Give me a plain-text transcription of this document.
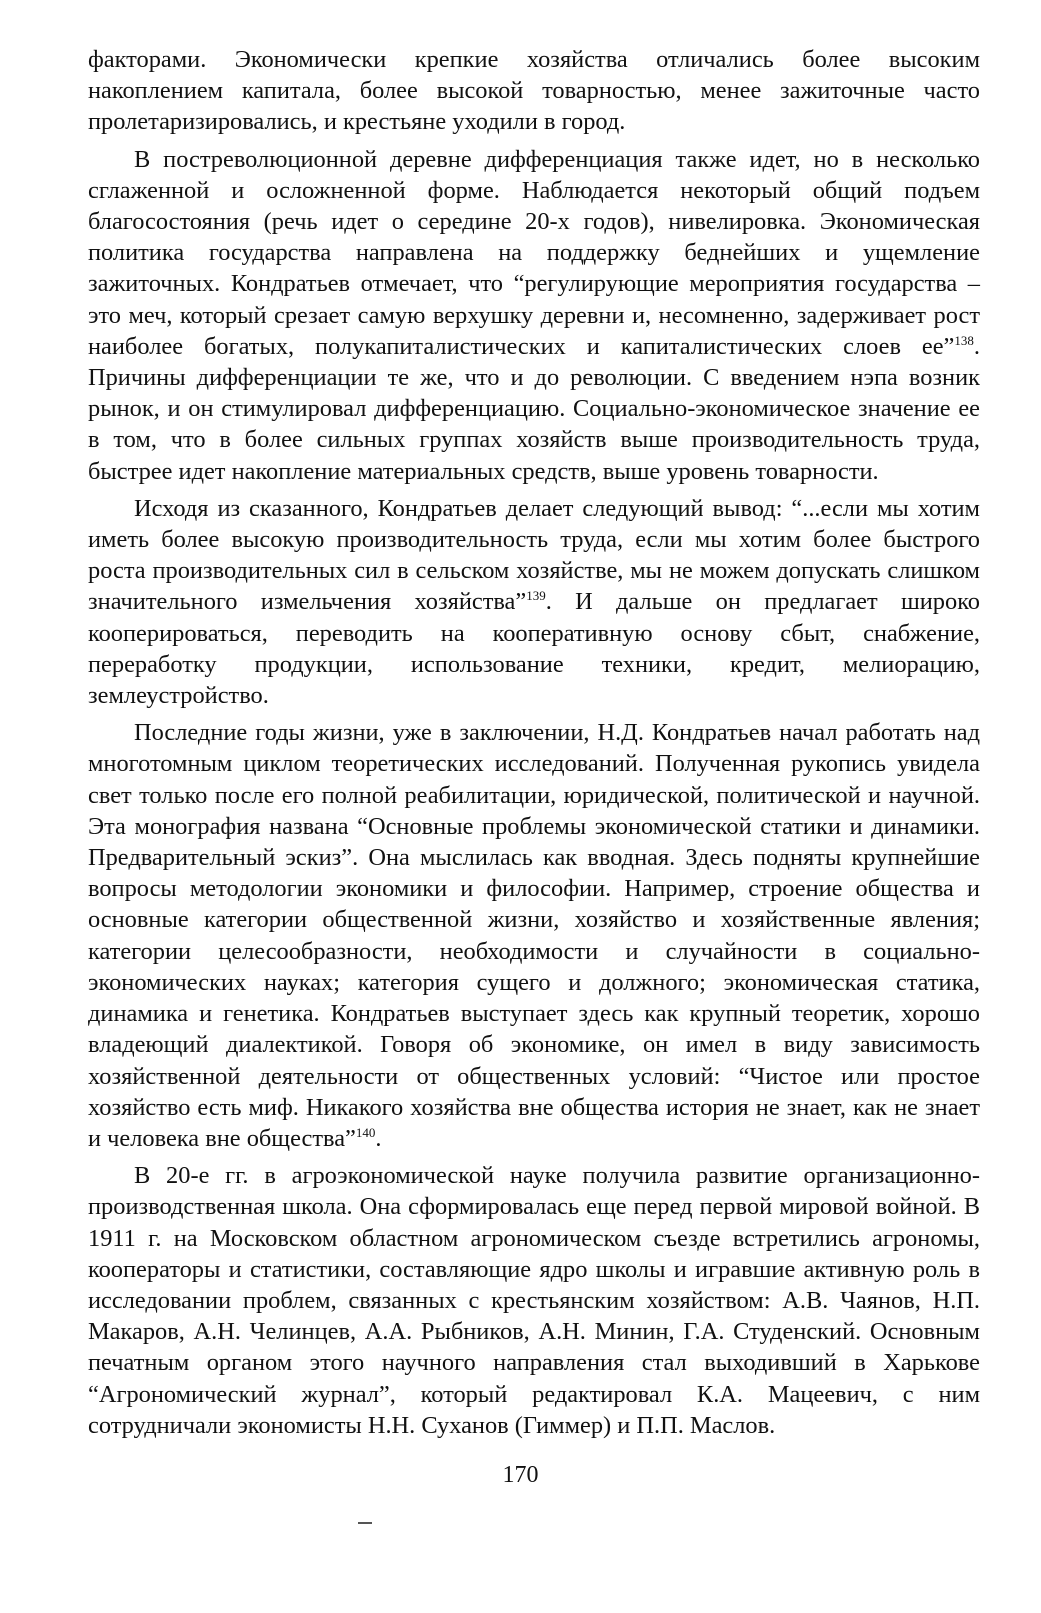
факторами. Экономически крепкие хозяйства отличались более высоким накоплением капитала, более высокой товарностью, менее зажиточные часто пролетаризировались, и крестьяне уходили в город.

В постреволюционной деревне дифференциация также идет, но в несколько сглаженной и осложненной форме. Наблюдается некоторый общий подъем благосостояния (речь идет о середине 20-х годов), нивелировка. Экономическая политика государства направлена на поддержку беднейших и ущемление зажиточных. Кондратьев отмечает, что “регулирующие мероприятия государства – это меч, который срезает самую верхушку деревни и, несомненно, задерживает рост наиболее богатых, полукапиталистических и капиталистических слоев ее”$^{138}$. Причины дифференциации те же, что и до революции. С введением нэпа возник рынок, и он стимулировал дифференциацию. Социально-экономическое значение ее в том, что в более сильных группах хозяйств выше производительность труда, быстрее идет накопление материальных средств, выше уровень товарности.

Исходя из сказанного, Кондратьев делает следующий вывод: “...если мы хотим иметь более высокую производительность труда, если мы хотим более быстрого роста производительных сил в сельском хозяйстве, мы не можем допускать слишком значительного измельчения хозяйства”$^{139}$. И дальше он предлагает широко кооперироваться, переводить на кооперативную основу сбыт, снабжение, переработку продукции, использование техники, кредит, мелиорацию, землеустройство.

Последние годы жизни, уже в заключении, Н.Д. Кондратьев начал работать над многотомным циклом теоретических исследований. Полученная рукопись увидела свет только после его полной реабилитации, юридической, политической и научной. Эта монография названа “Основные проблемы экономической статики и динамики. Предварительный эскиз”. Она мыслилась как вводная. Здесь подняты крупнейшие вопросы методологии экономики и философии. Например, строение общества и основные категории общественной жизни, хозяйство и хозяйственные явления; категории целесообразности, необходимости и случайности в социально-экономических науках; категория сущего и должного; экономическая статика, динамика и генетика. Кондратьев выступает здесь как крупный теоретик, хорошо владеющий диалектикой. Говоря об экономике, он имел в виду зависимость хозяйственной деятельности от общественных условий: “Чистое или простое хозяйство есть миф. Никакого хозяйства вне общества история не знает, как не знает и человека вне общества”$^{140}$.

В 20-е гг. в агроэкономической науке получила развитие организационно-производственная школа. Она сформировалась еще перед первой мировой войной. В 1911 г. на Московском областном агрономическом съезде встретились агрономы, кооператоры и статистики, составляющие ядро школы и игравшие активную роль в исследовании проблем, связанных с крестьянским хозяйством: А.В. Чаянов, Н.П. Макаров, А.Н. Челинцев, А.А. Рыбников, А.Н. Минин, Г.А. Студенский. Основным печатным органом этого научного направления стал выходивший в Харькове “Агрономический журнал”, который редактировал К.А. Мацеевич, с ним сотрудничали экономисты Н.Н. Суханов (Гиммер) и П.П. Маслов.

170
